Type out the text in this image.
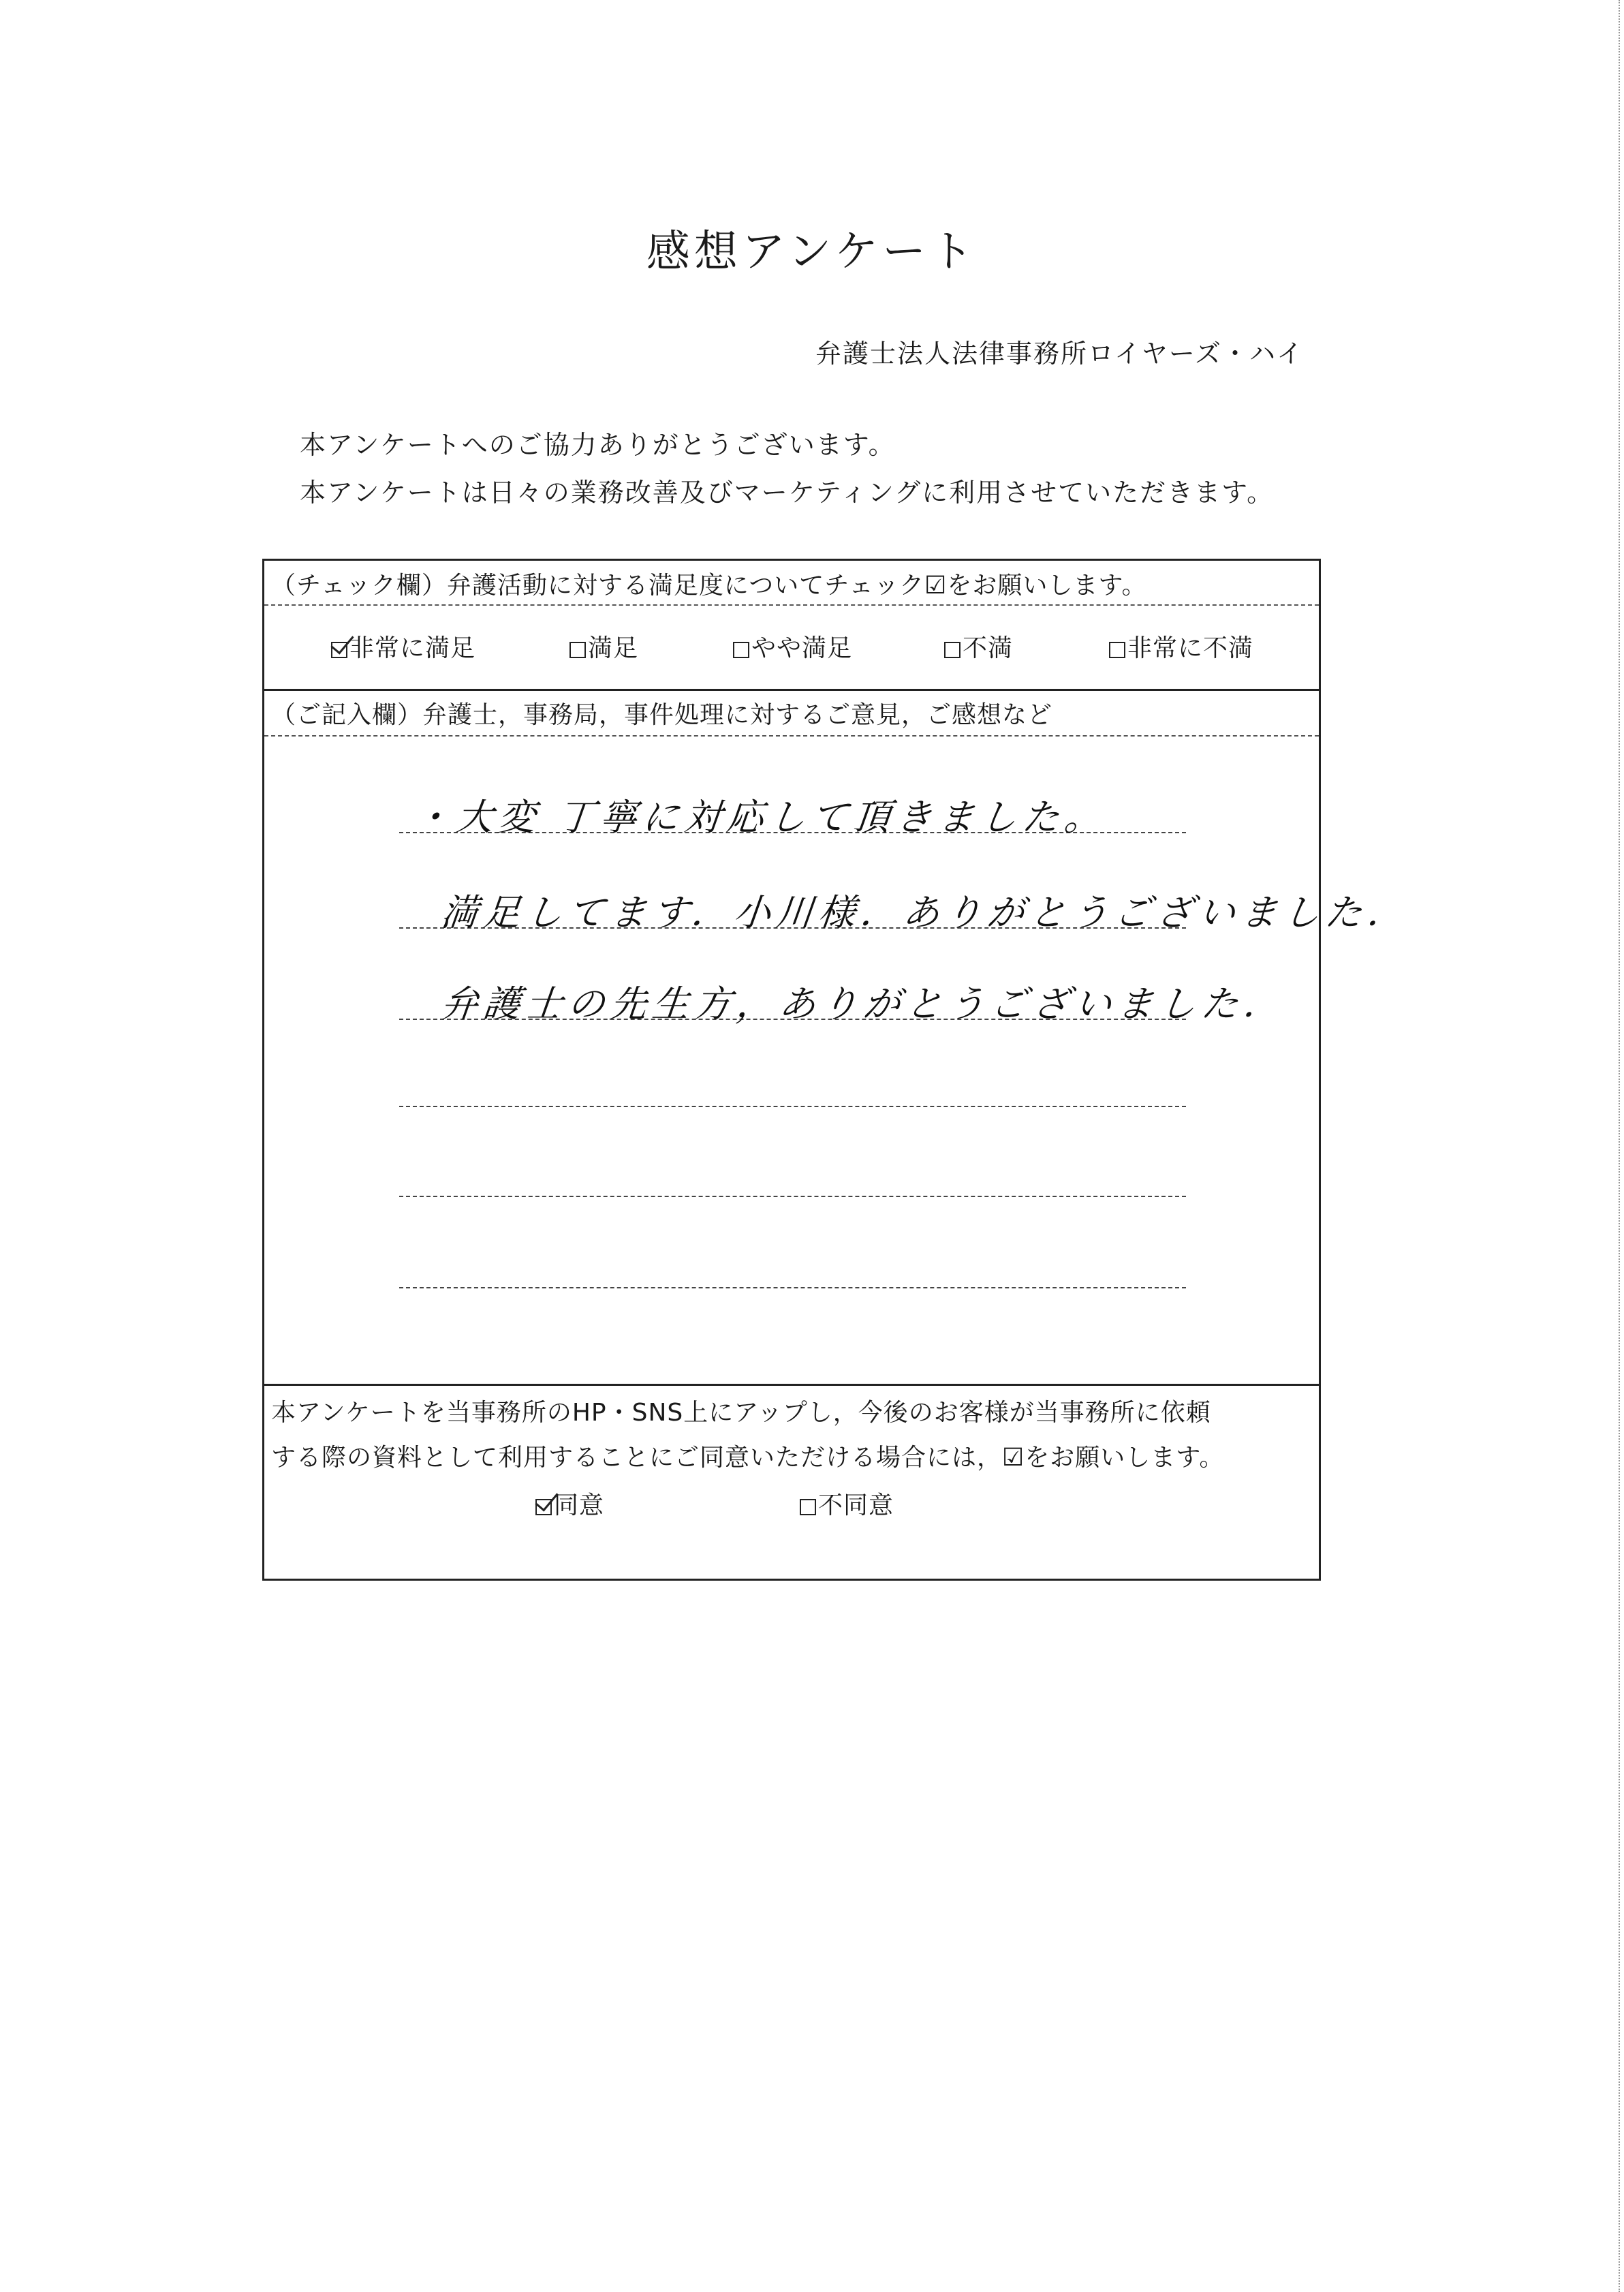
感想アンケート
弁護士法人法律事務所ロイヤーズ・ハイ
本アンケートへのご協力ありがとうございます。
本アンケートは日々の業務改善及びマーケティングに利用させていただきます。
（チェック欄）弁護活動に対する満足度についてチェック☑をお願いします。
非常に満足	満足	やや満足	不満	非常に不満
（ご記入欄）弁護士，事務局，事件処理に対するご意見，ご感想など
・大変 丁寧に対応して頂きました。
満足してます．小川様．ありがとうございました．
弁護士の先生方，ありがとうございました．
本アンケートを当事務所のHP・SNS上にアップし，今後のお客様が当事務所に依頼
する際の資料として利用することにご同意いただける場合には，☑をお願いします。
同意	不同意
